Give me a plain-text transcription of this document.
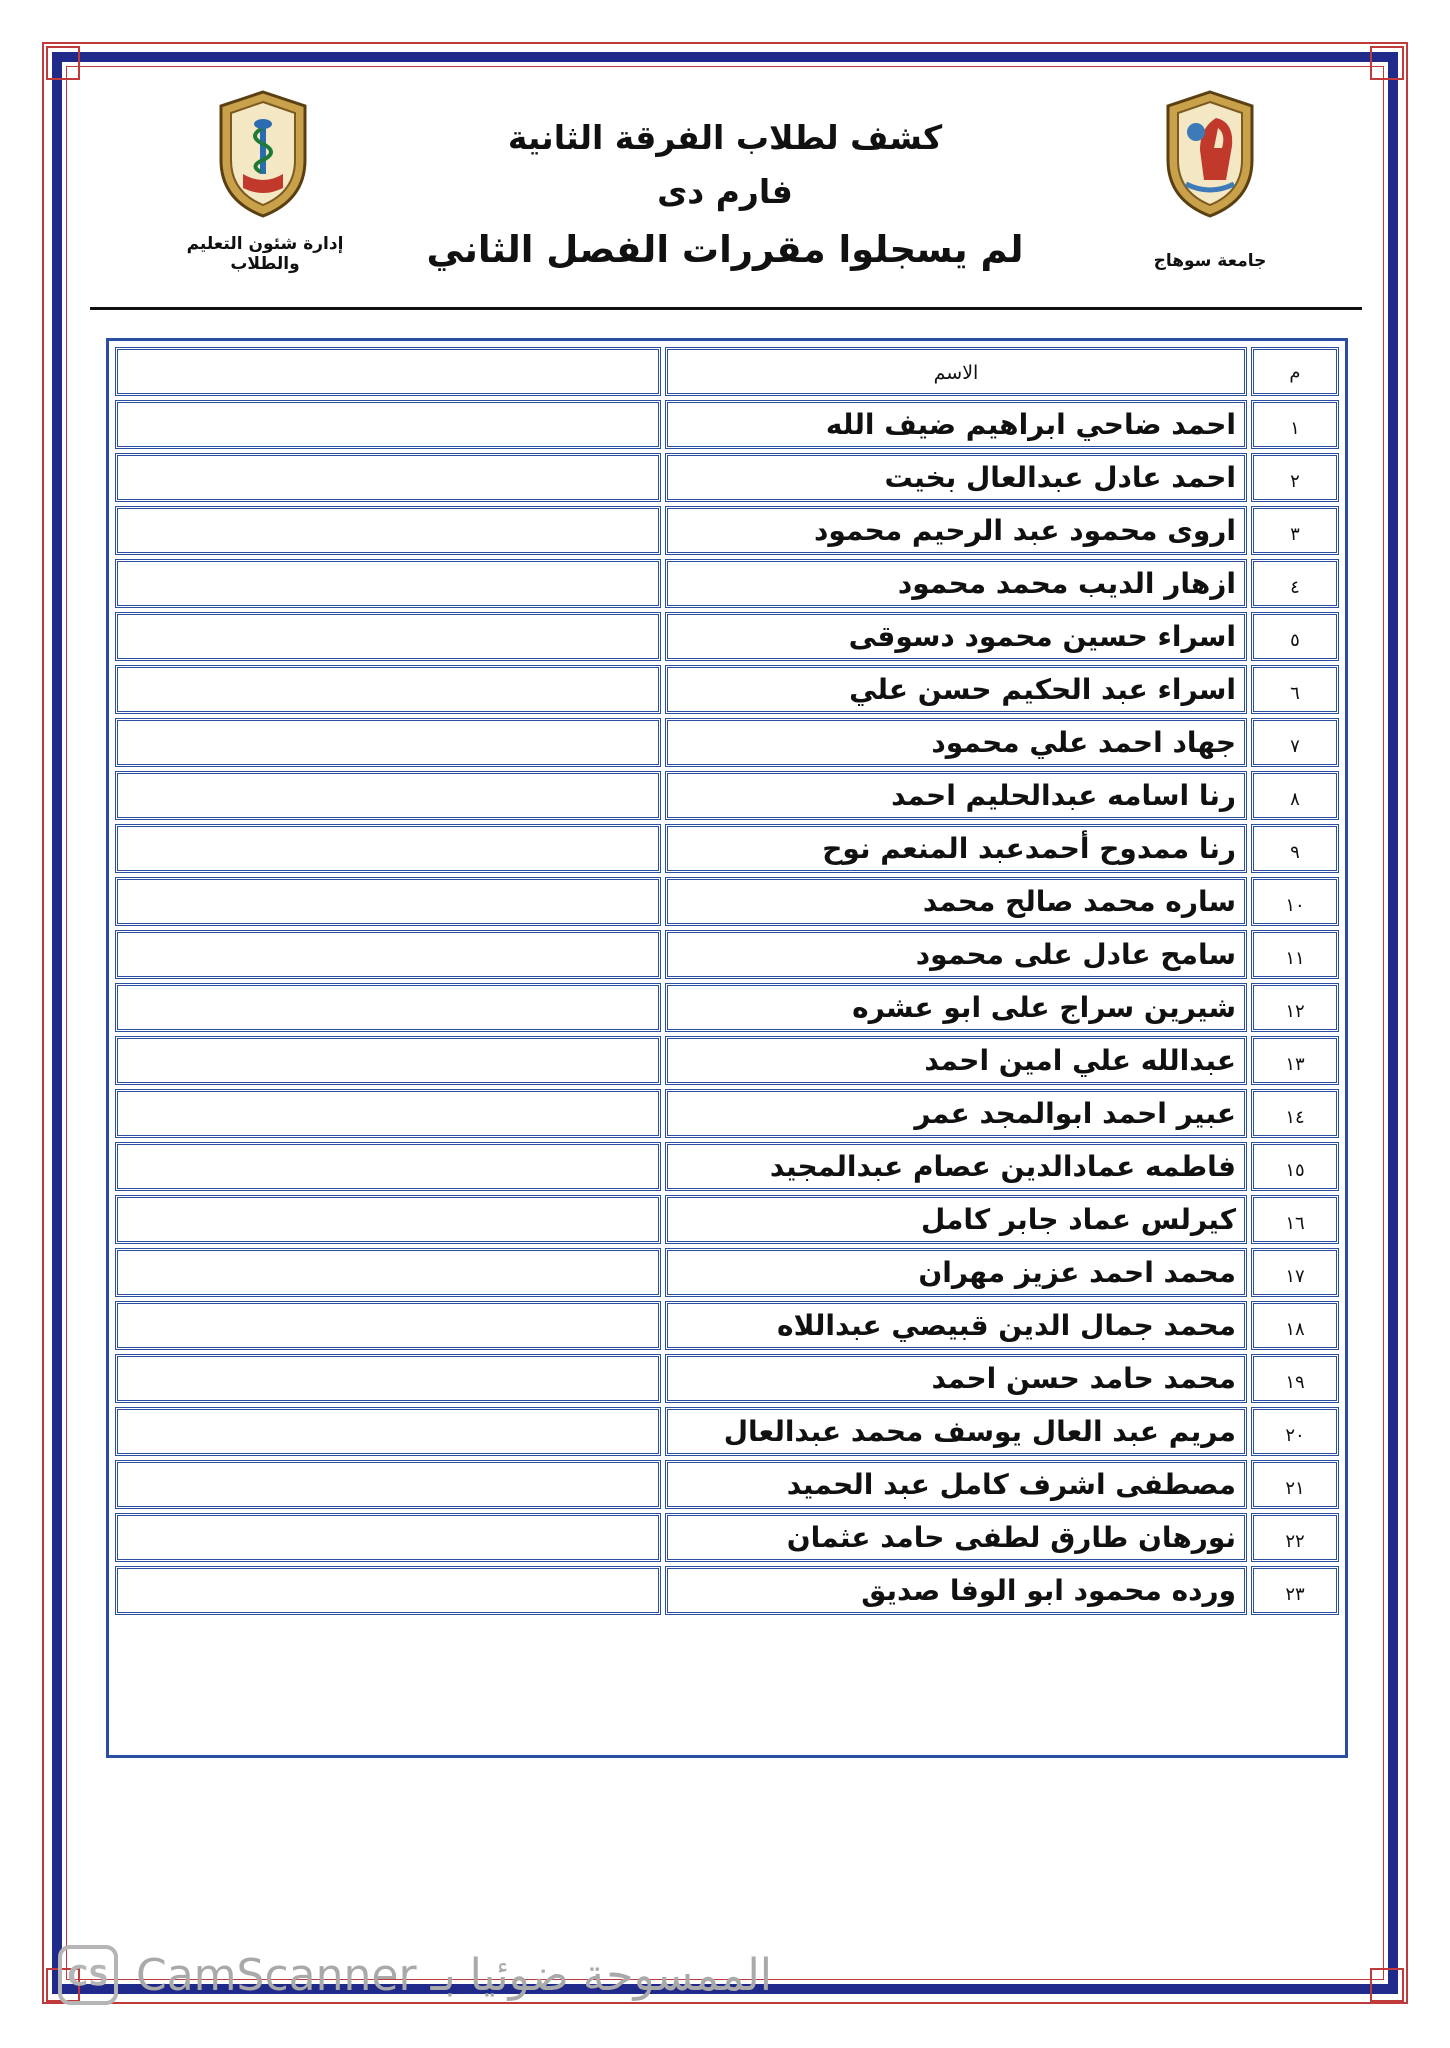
إدارة شئون التعليم والطلاب	جامعة سوهاج
كشف لطلاب الفرقة الثانية
فارم دى
لم يسجلوا مقررات الفصل الثاني
م	الاسم	
١	احمد ضاحي ابراهيم ضيف الله	
٢	احمد عادل عبدالعال بخيت	
٣	اروى محمود عبد الرحيم محمود	
٤	ازهار الديب محمد محمود	
٥	اسراء حسين محمود دسوقى	
٦	اسراء عبد الحكيم حسن علي	
٧	جهاد احمد علي محمود	
٨	رنا اسامه عبدالحليم احمد	
٩	رنا ممدوح أحمدعبد المنعم نوح	
١٠	ساره محمد صالح محمد	
١١	سامح عادل على محمود	
١٢	شيرين سراج على ابو عشره	
١٣	عبدالله علي امين احمد	
١٤	عبير احمد ابوالمجد عمر	
١٥	فاطمه عمادالدين عصام عبدالمجيد	
١٦	كيرلس عماد جابر كامل	
١٧	محمد احمد عزيز مهران	
١٨	محمد جمال الدين قبيصي عبداللاه	
١٩	محمد حامد حسن احمد	
٢٠	مريم عبد العال يوسف محمد عبدالعال	
٢١	مصطفى اشرف كامل عبد الحميد	
٢٢	نورهان طارق لطفى حامد عثمان	
٢٣	ورده محمود ابو الوفا صديق	
CS CamScanner الممسوحة ضوئيا بـ
